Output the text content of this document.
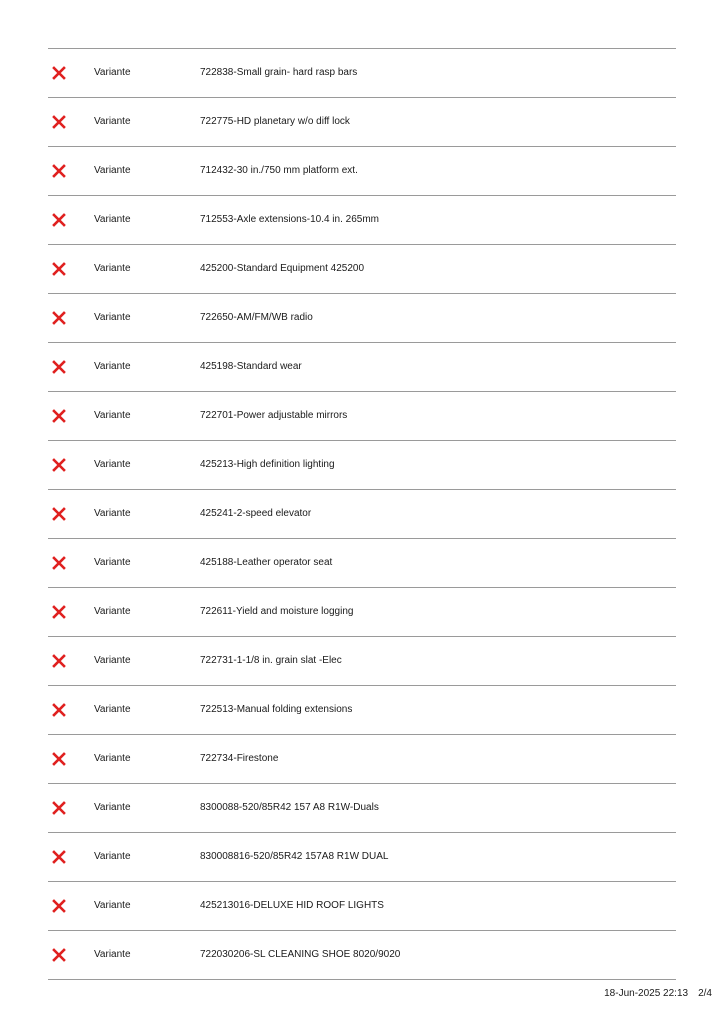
Variante	722838-Small grain- hard rasp bars
Variante	722775-HD planetary w/o diff lock
Variante	712432-30 in./750 mm platform ext.
Variante	712553-Axle extensions-10.4 in. 265mm
Variante	425200-Standard Equipment 425200
Variante	722650-AM/FM/WB radio
Variante	425198-Standard wear
Variante	722701-Power adjustable mirrors
Variante	425213-High definition lighting
Variante	425241-2-speed elevator
Variante	425188-Leather operator seat
Variante	722611-Yield and moisture logging
Variante	722731-1-1/8 in. grain slat -Elec
Variante	722513-Manual folding extensions
Variante	722734-Firestone
Variante	8300088-520/85R42 157 A8 R1W-Duals
Variante	830008816-520/85R42 157A8 R1W DUAL
Variante	425213016-DELUXE HID ROOF LIGHTS
Variante	722030206-SL CLEANING SHOE 8020/9020
18-Jun-2025 22:13 2/4
